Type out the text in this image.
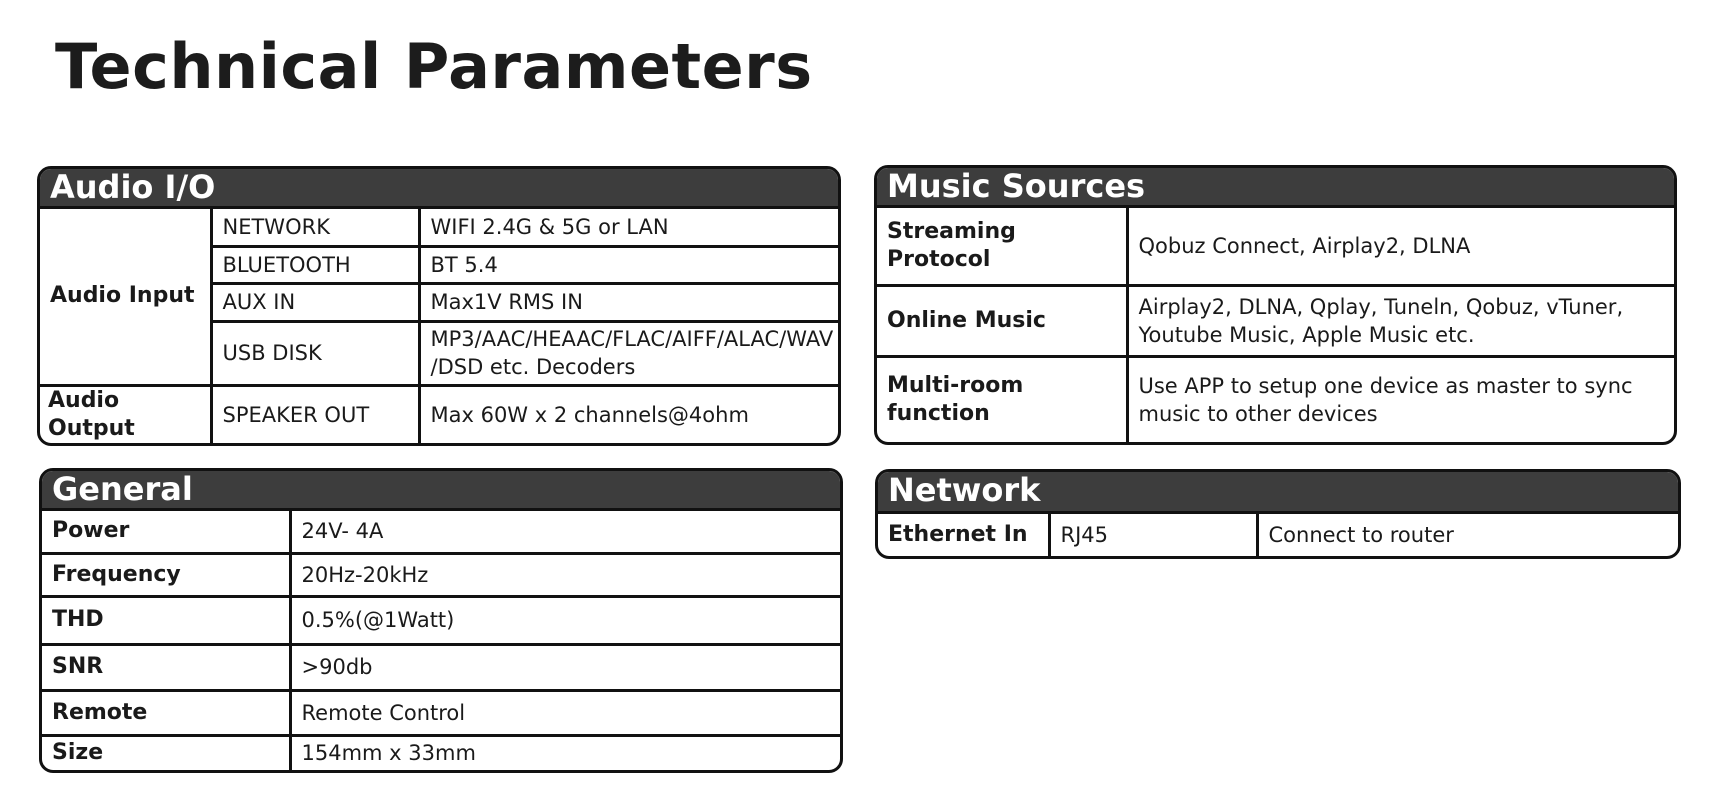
Technical Parameters
Audio I/O
Audio Input	NETWORK	WIFI 2.4G & 5G or LAN
	BLUETOOTH	BT 5.4
	AUX IN	Max1V RMS IN
	USB DISK	MP3/AAC/HEAAC/FLAC/AIFF/ALAC/WAV /DSD etc. Decoders
Audio Output	SPEAKER OUT	Max 60W x 2 channels@4ohm
Music Sources
Streaming Protocol	Qobuz Connect, Airplay2, DLNA
Online Music	Airplay2, DLNA, Qplay, Tuneln, Qobuz, vTuner, Youtube Music, Apple Music etc.
Multi-room function	Use APP to setup one device as master to sync music to other devices
General
Power	24V- 4A
Frequency	20Hz-20kHz
THD	0.5%(@1Watt)
SNR	>90db
Remote	Remote Control
Size	154mm x 33mm
Network
Ethernet In	RJ45	Connect to router
